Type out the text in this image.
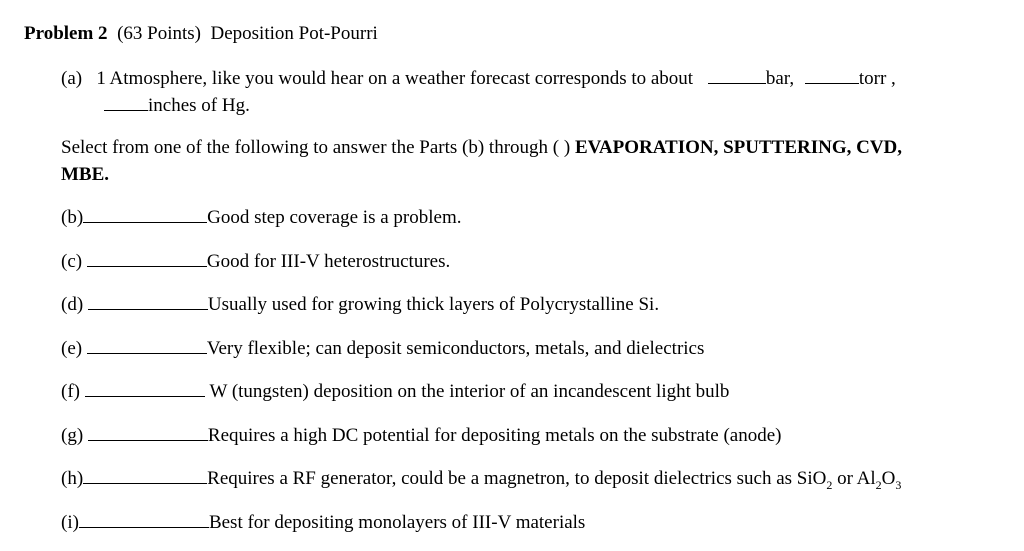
Problem 2 (63 Points) Deposition Pot-Pourri
(a) 1 Atmosphere, like you would hear on a weather forecast corresponds to about	bar,	torr ,
inches of Hg.
Select from one of the following to answer the Parts (b) through ( ) EVAPORATION, SPUTTERING, CVD,
MBE.
(b)	Good step coverage is a problem.
(c)	Good for III-V heterostructures.
(d)	Usually used for growing thick layers of Polycrystalline Si.
(e)	Very flexible; can deposit semiconductors, metals, and dielectrics
(f)	W (tungsten) deposition on the interior of an incandescent light bulb
(g)	Requires a high DC potential for depositing metals on the substrate (anode)
(h)	Requires a RF generator, could be a magnetron, to deposit dielectrics such as SiO$_2$ or $Al_2O_3$
(i)	Best for depositing monolayers of III-V materials
